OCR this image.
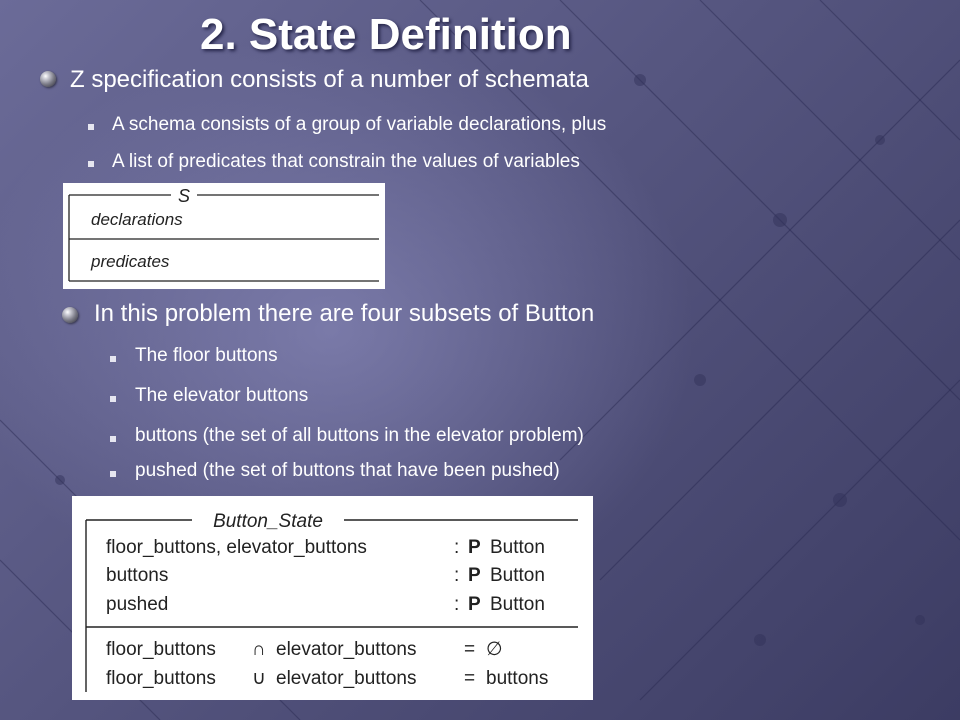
2. State Definition
Z specification consists of a number of schemata
A schema consists of a group of variable declarations, plus
A list of predicates that constrain the values of variables
S
declarations
predicates
In this problem there are four subsets of Button
The floor buttons
The elevator buttons
buttons (the set of all buttons in the elevator problem)
pushed (the set of buttons that have been pushed)
Button_State
floor_buttons, elevator_buttons	: P Button
buttons	: P Button
pushed	: P Button
floor_buttons ∩ elevator_buttons	= ∅
floor_buttons ∪ elevator_buttons	= buttons
